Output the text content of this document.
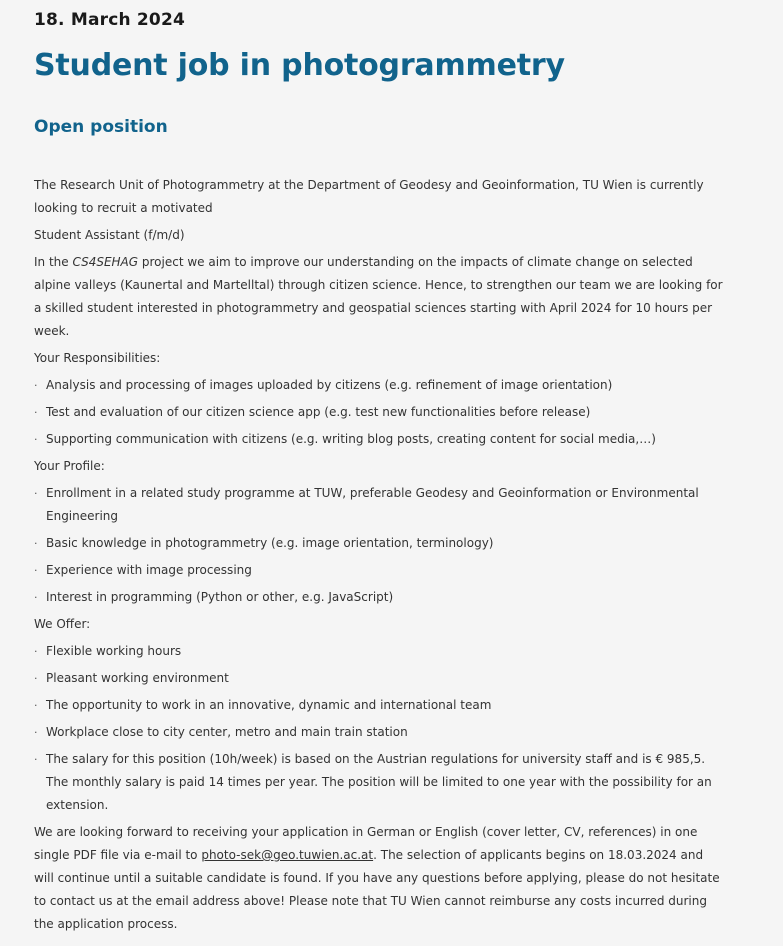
18. March 2024
Student job in photogrammetry
Open position

The Research Unit of Photogrammetry at the Department of Geodesy and Geoinformation, TU Wien is currently looking to recruit a motivated

Student Assistant (f/m/d)

In the CS4SEHAG project we aim to improve our understanding on the impacts of climate change on selected alpine valleys (Kaunertal and Martelltal) through citizen science. Hence, to strengthen our team we are looking for a skilled student interested in photogrammetry and geospatial sciences starting with April 2024 for 10 hours per week.

Your Responsibilities:

· Analysis and processing of images uploaded by citizens (e.g. refinement of image orientation)
· Test and evaluation of our citizen science app (e.g. test new functionalities before release)
· Supporting communication with citizens (e.g. writing blog posts, creating content for social media,…)

Your Profile:

· Enrollment in a related study programme at TUW, preferable Geodesy and Geoinformation or Environmental Engineering
· Basic knowledge in photogrammetry (e.g. image orientation, terminology)
· Experience with image processing
· Interest in programming (Python or other, e.g. JavaScript)

We Offer:

· Flexible working hours
· Pleasant working environment
· The opportunity to work in an innovative, dynamic and international team
· Workplace close to city center, metro and main train station
· The salary for this position (10h/week) is based on the Austrian regulations for university staff and is € 985,5. The monthly salary is paid 14 times per year. The position will be limited to one year with the possibility for an extension.

We are looking forward to receiving your application in German or English (cover letter, CV, references) in one single PDF file via e-mail to photo-sek@geo.tuwien.ac.at. The selection of applicants begins on 18.03.2024 and will continue until a suitable candidate is found. If you have any questions before applying, please do not hesitate to contact us at the email address above! Please note that TU Wien cannot reimburse any costs incurred during the application process.
